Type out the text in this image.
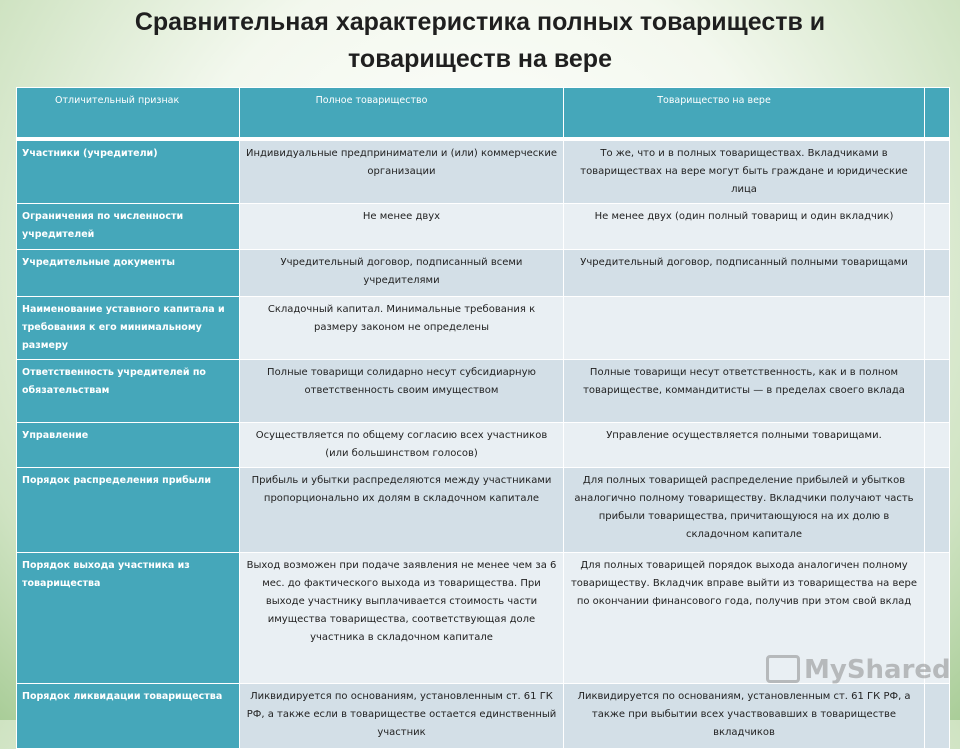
Сравнительная характеристика полных товариществ и
товариществ на вере
Отличительный признак	Полное товарищество	Товарищество на вере	
Участники (учредители)	Индивидуальные предприниматели и (или) коммерческие организации	То же, что и в полных товариществах. Вкладчиками в товариществах на вере могут быть граждане и юридические лица	
Ограничения по численности учредителей	Не менее двух	Не менее двух (один полный товарищ и один вкладчик)	
Учредительные документы	Учредительный договор, подписанный всеми учредителями	Учредительный договор, подписанный полными товарищами	
Наименование уставного капитала и требования к его минимальному размеру	Складочный капитал. Минимальные требования к размеру законом не определены		
Ответственность учредителей по обязательствам	Полные товарищи солидарно несут субсидиарную ответственность своим имуществом	Полные товарищи несут ответственность, как и в полном товариществе, коммандитисты — в пределах своего вклада	
Управление	Осуществляется по общему согласию всех участников (или большинством голосов)	Управление осуществляется полными товарищами.	
Порядок распределения прибыли	Прибыль и убытки распределяются между участниками пропорционально их долям в складочном капитале	Для полных товарищей распределение прибылей и убытков аналогично полному товариществу. Вкладчики получают часть прибыли товарищества, причитающуюся на их долю в складочном капитале	
Порядок выхода участника из товарищества	Выход возможен при подаче заявления не менее чем за 6 мес. до фактического выхода из товарищества. При выходе участнику выплачивается стоимость части имущества товарищества, соответствующая доле участника в складочном капитале	Для полных товарищей порядок выхода аналогичен полному товариществу. Вкладчик вправе выйти из товарищества на вере по окончании финансового года, получив при этом свой вклад	
Порядок ликвидации товарищества	Ликвидируется по основаниям, установленным ст. 61 ГК РФ, а также если в товариществе остается единственный участник	Ликвидируется по основаниям, установленным ст. 61 ГК РФ, а также при выбытии всех участвовавших в товариществе вкладчиков	
MyShared
